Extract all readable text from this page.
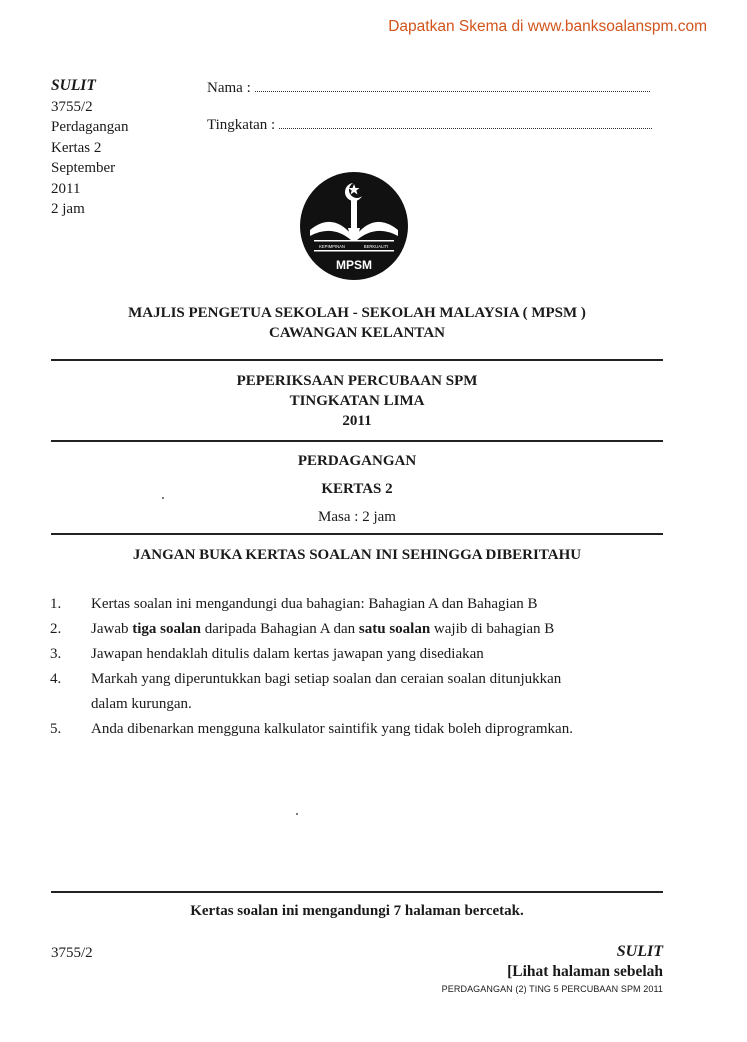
Dapatkan Skema di www.banksoalanspm.com
SULIT
3755/2
Perdagangan
Kertas 2
September
2011
2 jam
Nama :
Tingkatan :
KEPIMPINAN	BERKUALITI
MPSM
MAJLIS PENGETUA SEKOLAH - SEKOLAH MALAYSIA ( MPSM )
CAWANGAN KELANTAN
PEPERIKSAAN PERCUBAAN SPM
TINGKATAN LIMA
2011
PERDAGANGAN
KERTAS 2
Masa : 2 jam
JANGAN BUKA KERTAS SOALAN INI SEHINGGA DIBERITAHU
1.	Kertas soalan ini mengandungi dua bahagian: Bahagian A dan Bahagian B
2.	Jawab tiga soalan daripada Bahagian A dan satu soalan wajib di bahagian B
3.	Jawapan hendaklah ditulis dalam kertas jawapan yang disediakan
4.	Markah yang diperuntukkan bagi setiap soalan dan ceraian soalan ditunjukkan dalam kurungan.
5.	Anda dibenarkan mengguna kalkulator saintifik yang tidak boleh diprogramkan.
Kertas soalan ini mengandungi 7 halaman bercetak.
3755/2	SULIT
[Lihat halaman sebelah
PERDAGANGAN (2) TING 5 PERCUBAAN SPM 2011
